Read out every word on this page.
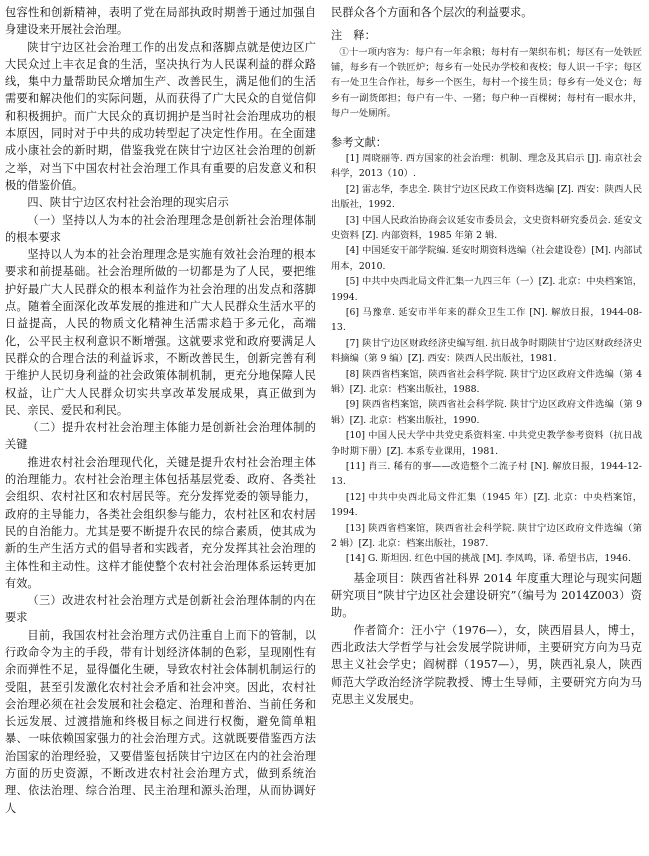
包容性和创新精神，表明了党在局部执政时期善于通过加强自身建设来开展社会治理。

陕甘宁边区社会治理工作的出发点和落脚点就是使边区广大民众过上丰衣足食的生活，坚决执行为人民谋利益的群众路线，集中力量帮助民众增加生产、改善民生，满足他们的生活需要和解决他们的实际问题，从而获得了广大民众的自觉信仰和积极拥护。而广大民众的真切拥护是当时社会治理成功的根本原因，同时对于中共的成功转型起了决定性作用。在全面建成小康社会的新时期，借鉴我党在陕甘宁边区社会治理的创新之举，对当下中国农村社会治理工作具有重要的启发意义和积极的借鉴价值。

四、陕甘宁边区农村社会治理的现实启示

（一）坚持以人为本的社会治理理念是创新社会治理体制的根本要求

坚持以人为本的社会治理理念是实施有效社会治理的根本要求和前提基础。社会治理所做的一切都是为了人民，要把维护好最广大人民群众的根本利益作为社会治理的出发点和落脚点。随着全面深化改革发展的推进和广大人民群众生活水平的日益提高，人民的物质文化精神生活需求趋于多元化，高端化，公平民主权利意识不断增强。这就要求党和政府要满足人民群众的合理合法的利益诉求，不断改善民生，创新完善有利于维护人民切身利益的社会政策体制机制，更充分地保障人民权益，让广大人民群众切实共享改革发展成果，真正做到为民、亲民、爱民和利民。

（二）提升农村社会治理主体能力是创新社会治理体制的关键

推进农村社会治理现代化，关键是提升农村社会治理主体的治理能力。农村社会治理主体包括基层党委、政府、各类社会组织、农村社区和农村居民等。充分发挥党委的领导能力，政府的主导能力，各类社会组织参与能力，农村社区和农村居民的自治能力。尤其是要不断提升农民的综合素质，使其成为新的生产生活方式的倡导者和实践者，充分发挥其社会治理的主体性和主动性。这样才能使整个农村社会治理体系运转更加有效。

（三）改进农村社会治理方式是创新社会治理体制的内在要求

目前，我国农村社会治理方式仍注重自上而下的管制，以行政命令为主的手段，带有计划经济体制的色彩，呈现刚性有余而弹性不足，显得僵化生硬，导致农村社会体制机制运行的受阻，甚至引发激化农村社会矛盾和社会冲突。因此，农村社会治理必须在社会发展和社会稳定、治理和普治、当前任务和长远发展、过渡措施和终极目标之间进行权衡，避免简单粗暴、一味依赖国家强力的社会治理方式。这就既要借鉴西方法治国家的治理经验，又要借鉴包括陕甘宁边区在内的社会治理方面的历史资源，不断改进农村社会治理方式，做到系统治理、依法治理、综合治理、民主治理和源头治理，从而协调好人

民群众各个方面和各个层次的利益要求。

注　释：

①十一项内容为：每户有一年余粮；每村有一架织布机；每区有一处铁匠铺，每乡有一个铁匠炉；每乡有一处民办学校和夜校；每人识一千字；每区有一处卫生合作社，每乡一个医生，每村一个接生员；每乡有一处义仓；每乡有一副货郎担；每户有一牛、一猪；每户种一百棵树；每村有一眼水井，每户一处厕所。

参考文献：

[1] 周晓丽等. 西方国家的社会治理：机制、理念及其启示 [J]. 南京社会科学，2013（10）.

[2] 雷志华，李忠全. 陕甘宁边区民政工作资料选编 [Z]. 西安：陕西人民出版社，1992.

[3] 中国人民政治协商会议延安市委员会，文史资料研究委员会. 延安文史资料 [Z]. 内部资料，1985 年第 2 辑.

[4] 中国延安干部学院编. 延安时期资料选编（社会建设卷）[M]. 内部试用本，2010.

[5] 中共中央西北局文件汇集一九四三年（一）[Z]. 北京：中央档案馆，1994.

[6] 马豫章. 延安市半年来的群众卫生工作 [N]. 解放日报，1944-08-13.

[7] 陕甘宁边区财政经济史编写组. 抗日战争时期陕甘宁边区财政经济史料摘编（第 9 编）[Z]. 西安：陕西人民出版社，1981.

[8] 陕西省档案馆，陕西省社会科学院. 陕甘宁边区政府文件选编（第 4 辑）[Z]. 北京：档案出版社，1988.

[9] 陕西省档案馆，陕西省社会科学院. 陕甘宁边区政府文件选编（第 9 辑）[Z]. 北京：档案出版社，1990.

[10] 中国人民大学中共党史系资料室. 中共党史教学参考资料（抗日战争时期下册）[Z]. 本系专业课用，1981.

[11] 肖三. 稀有的事——改造整个二流子村 [N]. 解放日报，1944-12-13.

[12] 中共中央西北局文件汇集（1945 年）[Z]. 北京：中央档案馆，1994.

[13] 陕西省档案馆，陕西省社会科学院. 陕甘宁边区政府文件选编（第 2 辑）[Z]. 北京：档案出版社，1987.

[14] G. 斯坦因. 红色中国的挑战 [M]. 李凤鸣，译. 希望书店，1946.

基金项目：陕西省社科界 2014 年度重大理论与现实问题研究项目“陕甘宁边区社会建设研究”（编号为 2014Z003）资助。

作者简介：汪小宁（1976—），女，陕西眉县人，博士，西北政法大学哲学与社会发展学院讲师，主要研究方向为马克思主义社会学史；阎树群（1957—），男，陕西礼泉人，陕西师范大学政治经济学院教授、博士生导师，主要研究方向为马克思主义发展史。
